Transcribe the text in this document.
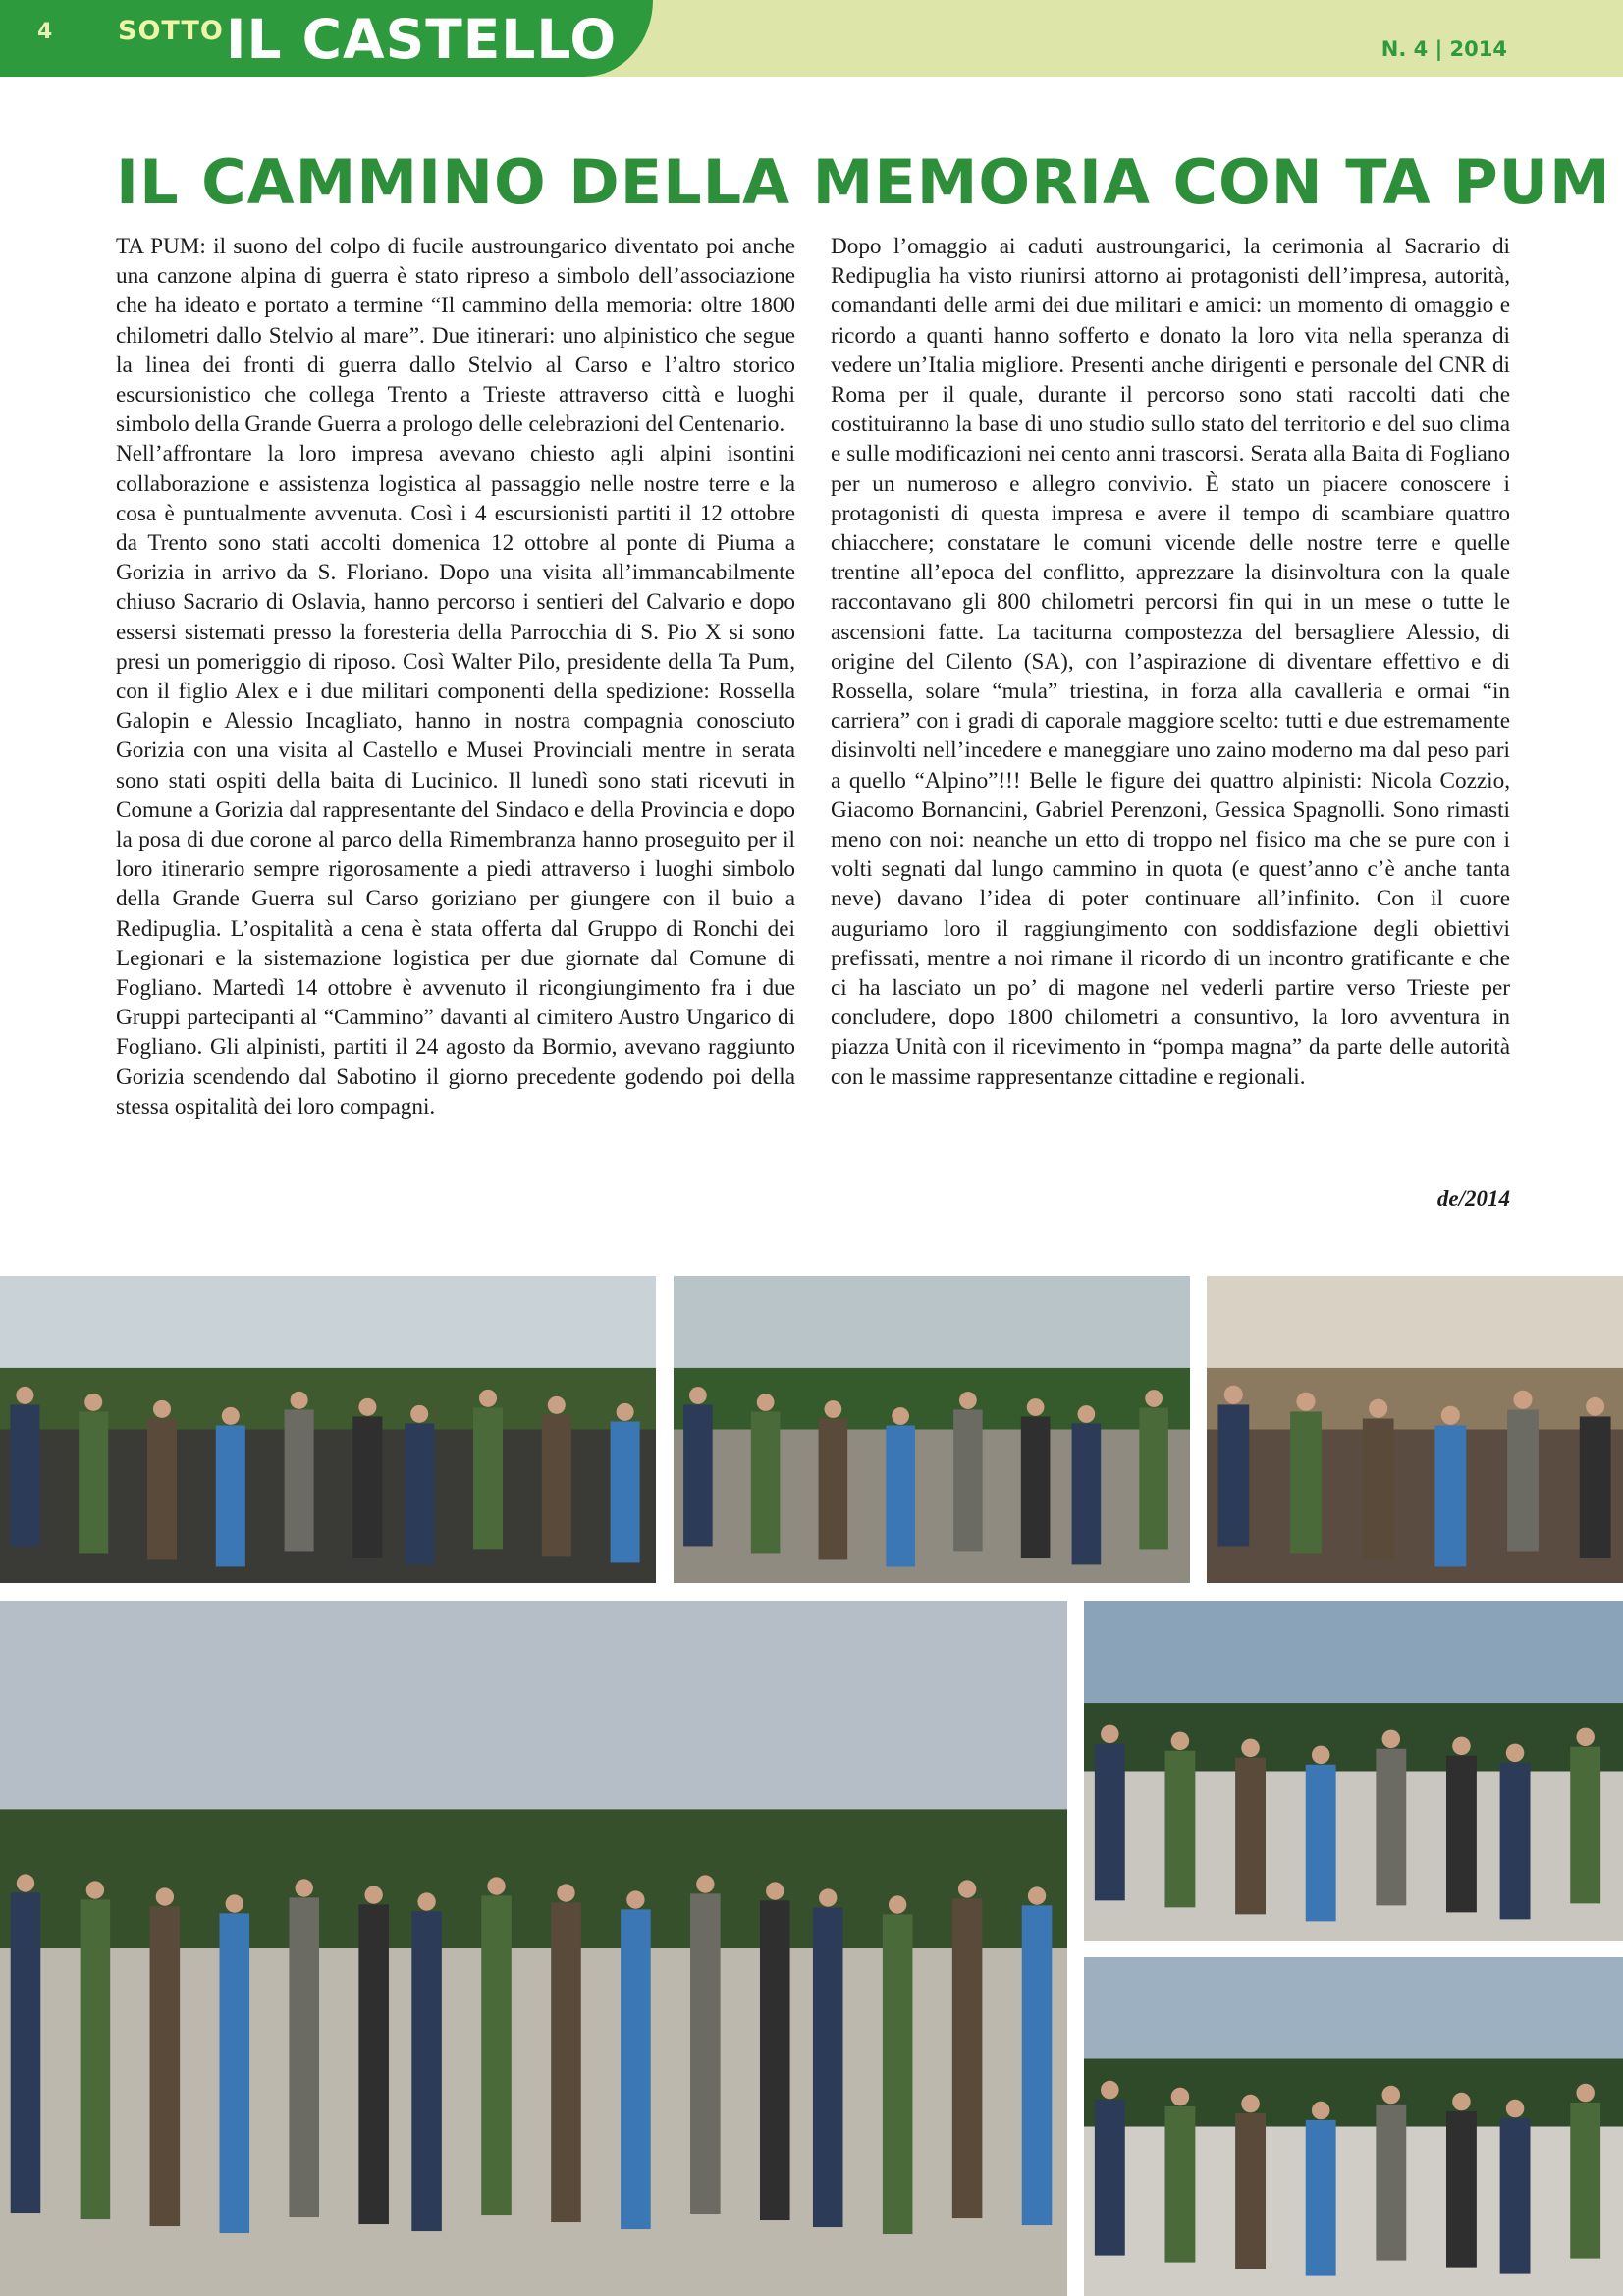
4 SOTTO IL CASTELLO	N. 4 | 2014
IL CAMMINO DELLA MEMORIA CON TA PUM

TA PUM: il suono del colpo di fucile austroungarico diventato poi anche una canzone alpina di guerra è stato ripreso a simbolo dell’associazione che ha ideato e portato a termine “Il cammino della memoria: oltre 1800 chilometri dallo Stelvio al mare”. Due itinerari: uno alpinistico che segue la linea dei fronti di guerra dallo Stelvio al Carso e l’altro storico escursionistico che collega Trento a Trieste attraverso città e luoghi simbolo della Grande Guerra a prologo delle celebrazioni del Centenario.

Nell’affrontare la loro impresa avevano chiesto agli alpini isontini collaborazione e assistenza logistica al passaggio nelle nostre terre e la cosa è puntualmente avvenuta. Così i 4 escursionisti partiti il 12 ottobre da Trento sono stati accolti domenica 12 ottobre al ponte di Piuma a Gorizia in arrivo da S. Floriano. Dopo una visita all’immancabilmente chiuso Sacrario di Oslavia, hanno percorso i sentieri del Calvario e dopo essersi sistemati presso la foresteria della Parrocchia di S. Pio X si sono presi un pomeriggio di riposo. Così Walter Pilo, presidente della Ta Pum, con il figlio Alex e i due militari componenti della spedizione: Rossella Galopin e Alessio Incagliato, hanno in nostra compagnia conosciuto Gorizia con una visita al Castello e Musei Provinciali mentre in serata sono stati ospiti della baita di Lucinico. Il lunedì sono stati ricevuti in Comune a Gorizia dal rappresentante del Sindaco e della Provincia e dopo la posa di due corone al parco della Rimembranza hanno proseguito per il loro itinerario sempre rigorosamente a piedi attraverso i luoghi simbolo della Grande Guerra sul Carso goriziano per giungere con il buio a Redipuglia. L’ospitalità a cena è stata offerta dal Gruppo di Ronchi dei Legionari e la sistemazione logistica per due giornate dal Comune di Fogliano. Martedì 14 ottobre è avvenuto il ricongiungimento fra i due Gruppi partecipanti al “Cammino” davanti al cimitero Austro Ungarico di Fogliano. Gli alpinisti, partiti il 24 agosto da Bormio, avevano raggiunto Gorizia scendendo dal Sabotino il giorno precedente godendo poi della stessa ospitalità dei loro compagni.

Dopo l’omaggio ai caduti austroungarici, la cerimonia al Sacrario di Redipuglia ha visto riunirsi attorno ai protagonisti dell’impresa, autorità, comandanti delle armi dei due militari e amici: un momento di omaggio e ricordo a quanti hanno sofferto e donato la loro vita nella speranza di vedere un’Italia migliore. Presenti anche dirigenti e personale del CNR di Roma per il quale, durante il percorso sono stati raccolti dati che costituiranno la base di uno studio sullo stato del territorio e del suo clima e sulle modificazioni nei cento anni trascorsi. Serata alla Baita di Fogliano per un numeroso e allegro convivio. È stato un piacere conoscere i protagonisti di questa impresa e avere il tempo di scambiare quattro chiacchere; constatare le comuni vicende delle nostre terre e quelle trentine all’epoca del conflitto, apprezzare la disinvoltura con la quale raccontavano gli 800 chilometri percorsi fin qui in un mese o tutte le ascensioni fatte. La taciturna compostezza del bersagliere Alessio, di origine del Cilento (SA), con l’aspirazione di diventare effettivo e di Rossella, solare “mula” triestina, in forza alla cavalleria e ormai “in carriera” con i gradi di caporale maggiore scelto: tutti e due estremamente disinvolti nell’incedere e maneggiare uno zaino moderno ma dal peso pari a quello “Alpino”!!! Belle le figure dei quattro alpinisti: Nicola Cozzio, Giacomo Bornancini, Gabriel Perenzoni, Gessica Spagnolli. Sono rimasti meno con noi: neanche un etto di troppo nel fisico ma che se pure con i volti segnati dal lungo cammino in quota (e quest’anno c’è anche tanta neve) davano l’idea di poter continuare all’infinito. Con il cuore auguriamo loro il raggiungimento con soddisfazione degli obiettivi prefissati, mentre a noi rimane il ricordo di un incontro gratificante e che ci ha lasciato un po’ di magone nel vederli partire verso Trieste per concludere, dopo 1800 chilometri a consuntivo, la loro avventura in piazza Unità con il ricevimento in “pompa magna” da parte delle autorità con le massime rappresentanze cittadine e regionali.

de/2014
